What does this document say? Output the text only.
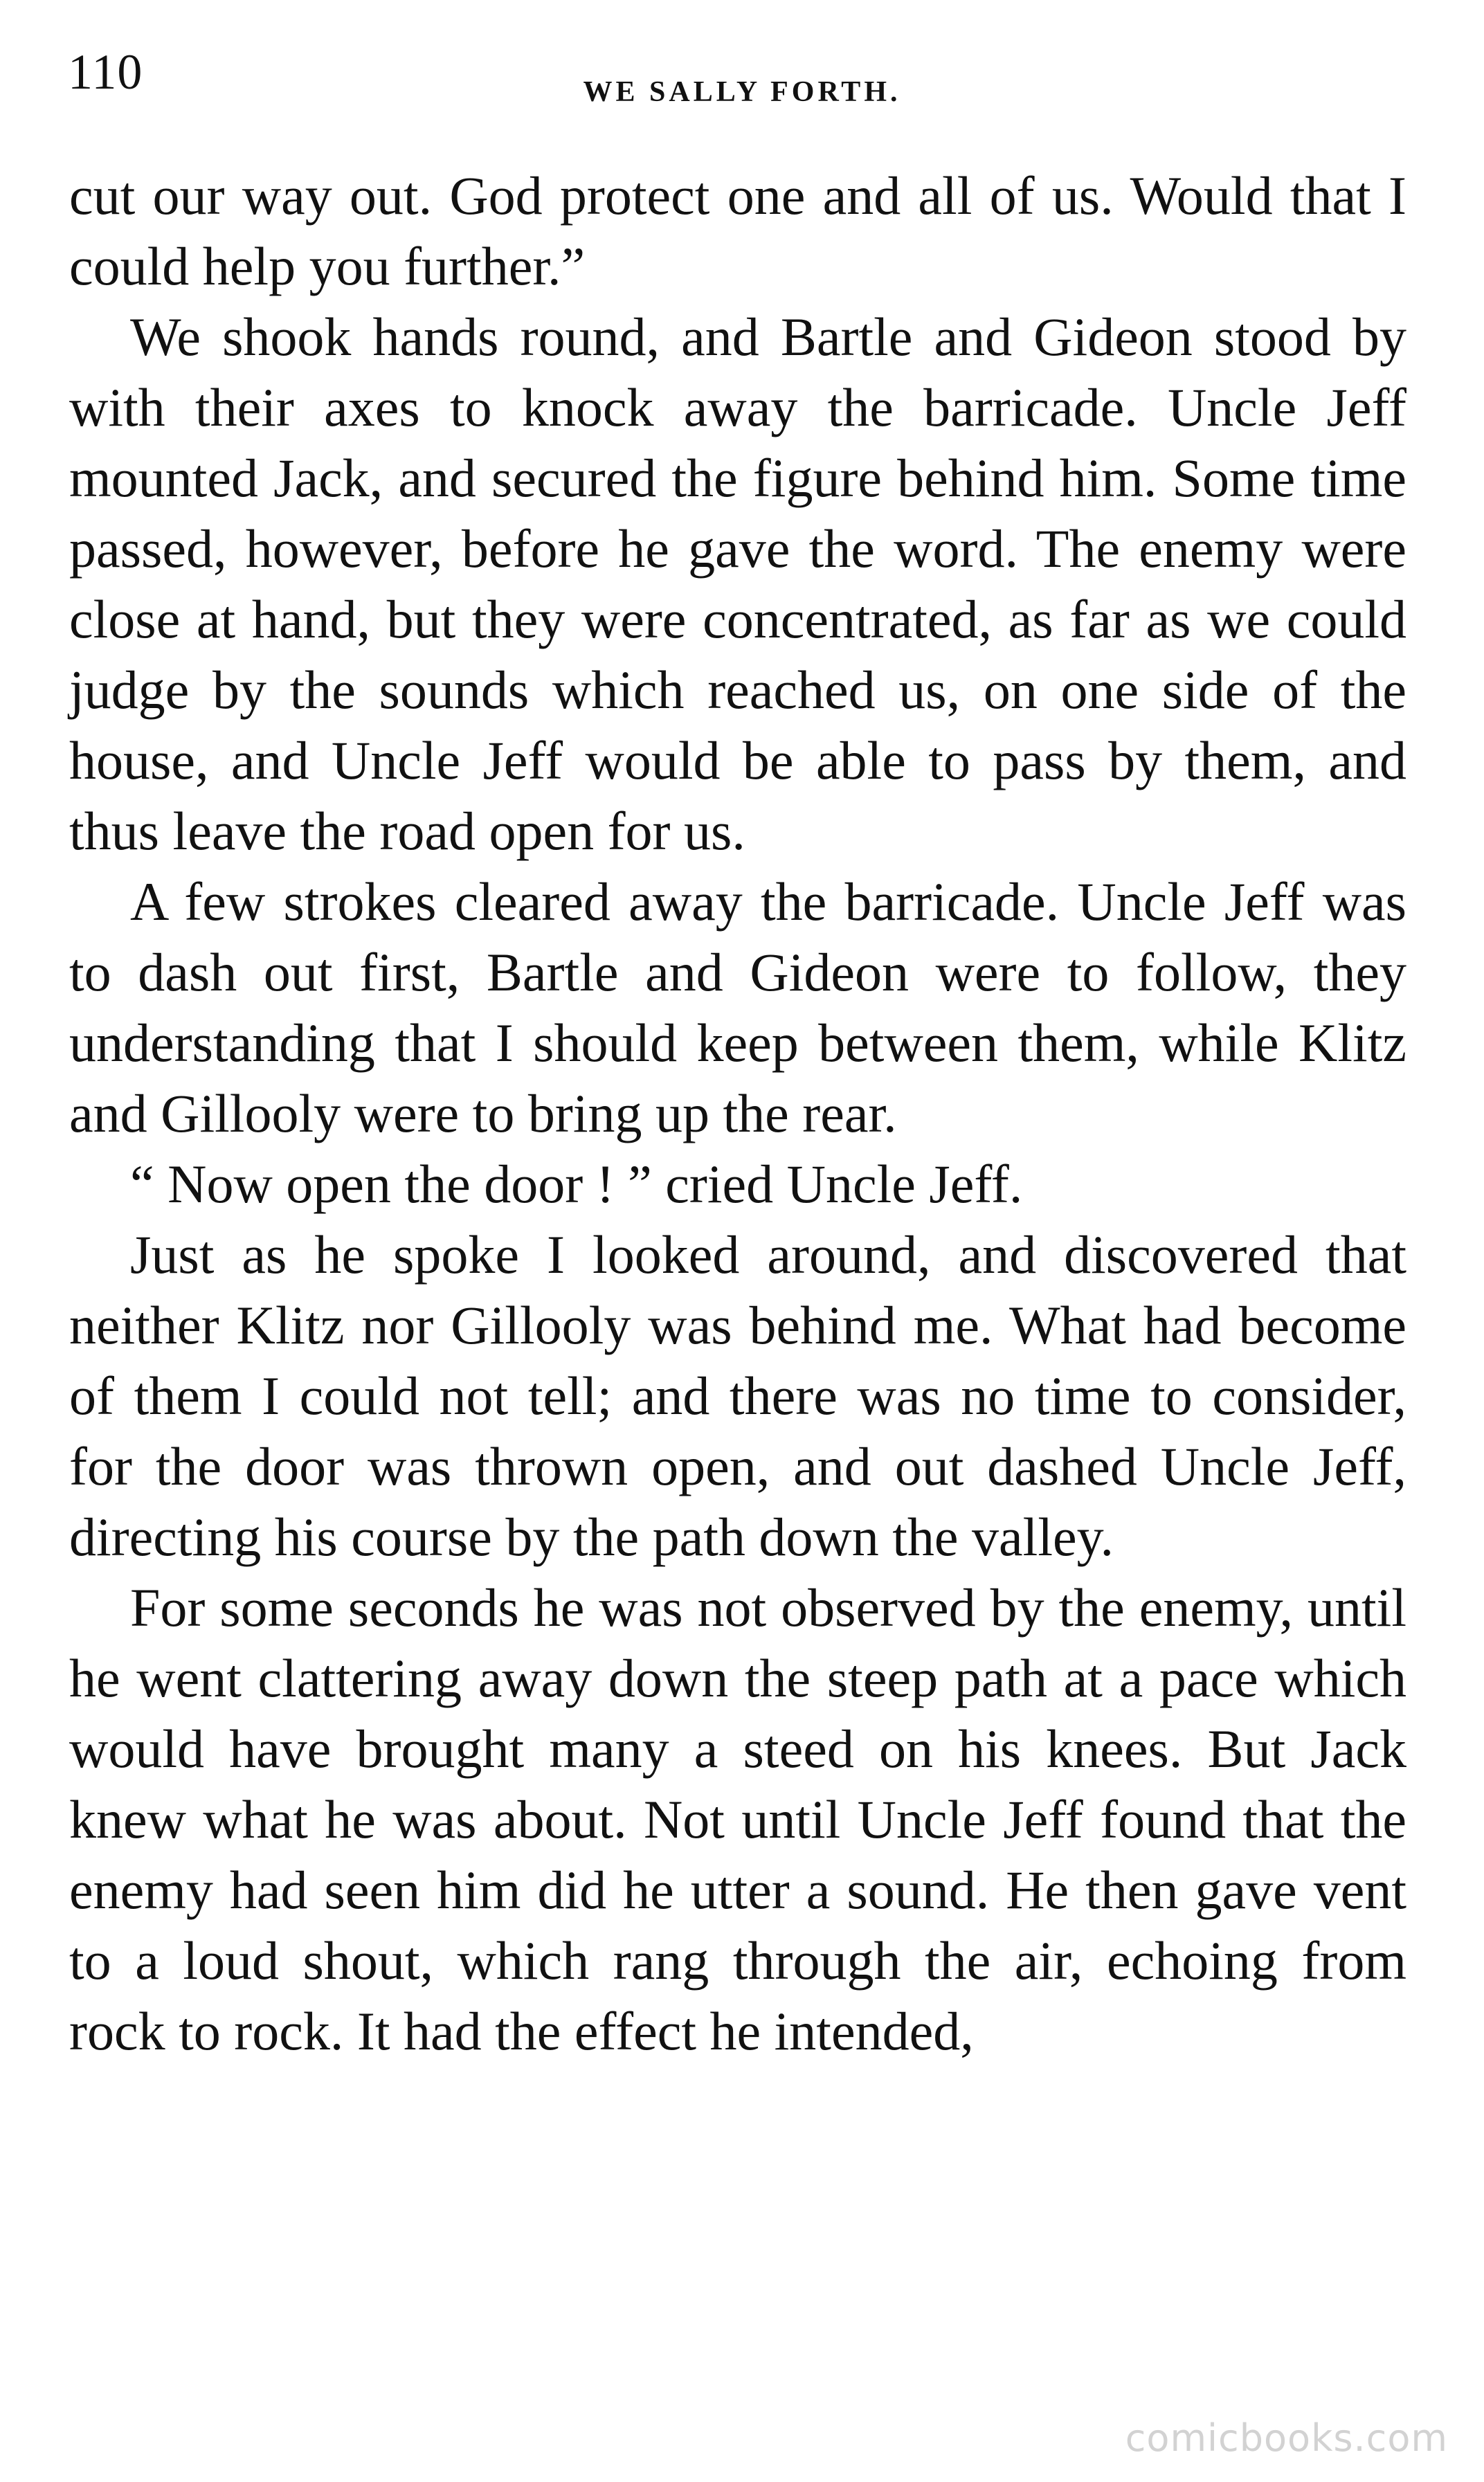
110	WE SALLY FORTH.

cut our way out. God protect one and all of us. Would that I could help you further.”

We shook hands round, and Bartle and Gideon stood by with their axes to knock away the barricade. Uncle Jeff mounted Jack, and secured the figure behind him. Some time passed, however, before he gave the word. The enemy were close at hand, but they were concentrated, as far as we could judge by the sounds which reached us, on one side of the house, and Uncle Jeff would be able to pass by them, and thus leave the road open for us.

A few strokes cleared away the barricade. Uncle Jeff was to dash out first, Bartle and Gideon were to follow, they understanding that I should keep between them, while Klitz and Gillooly were to bring up the rear.

“ Now open the door ! ” cried Uncle Jeff.

Just as he spoke I looked around, and discovered that neither Klitz nor Gillooly was behind me. What had become of them I could not tell; and there was no time to consider, for the door was thrown open, and out dashed Uncle Jeff, directing his course by the path down the valley.

For some seconds he was not observed by the enemy, until he went clattering away down the steep path at a pace which would have brought many a steed on his knees. But Jack knew what he was about. Not until Uncle Jeff found that the enemy had seen him did he utter a sound. He then gave vent to a loud shout, which rang through the air, echoing from rock to rock. It had the effect he intended,

comicbooks.com
